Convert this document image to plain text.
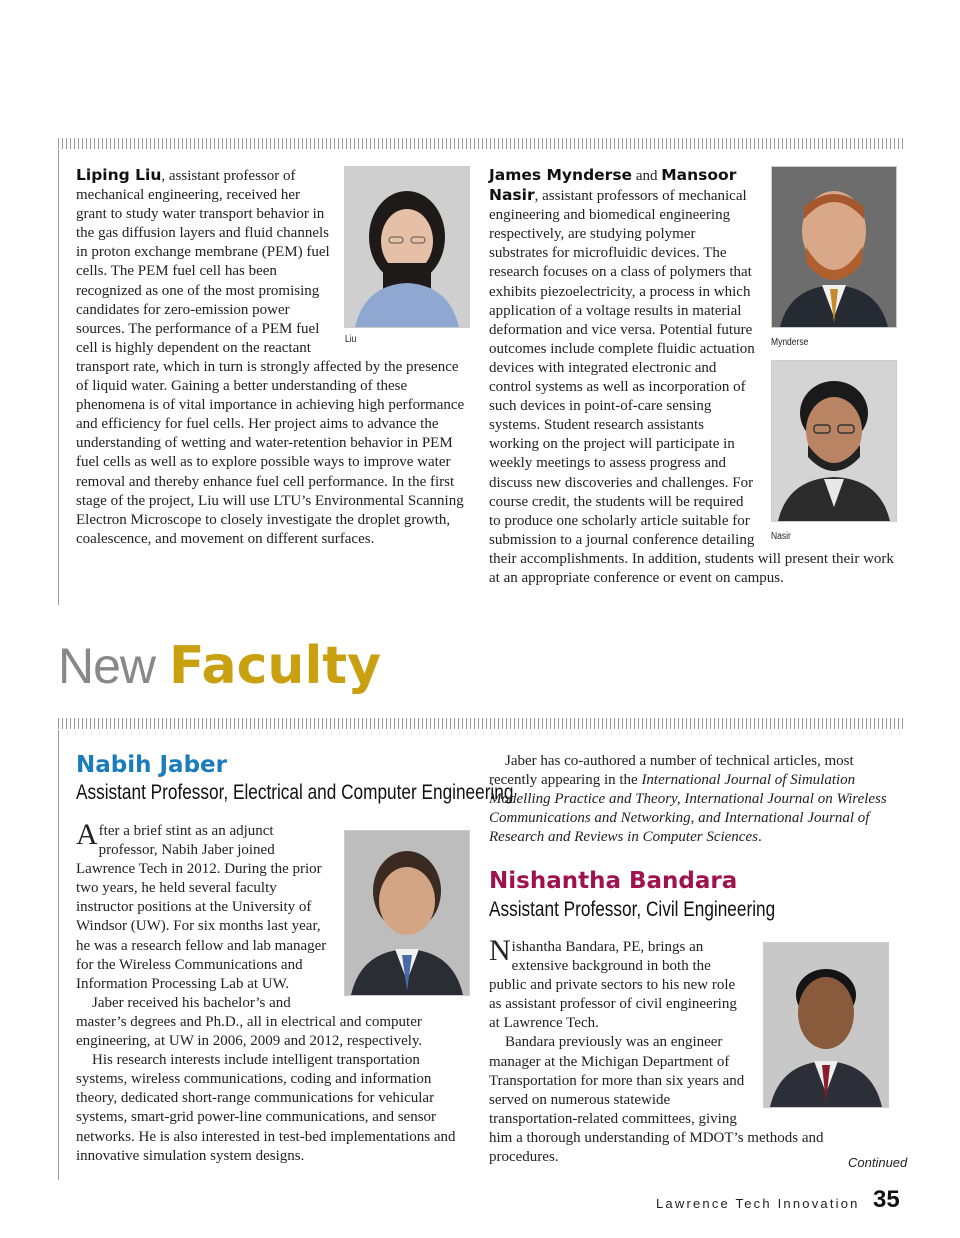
Liping Liu, assistant professor of mechanical engineering, received her grant to study water transport behavior in the gas diffusion layers and fluid channels in proton exchange membrane (PEM) fuel cells. The PEM fuel cell has been recognized as one of the most promising candidates for zero-emission power sources. The performance of a PEM fuel cell is highly dependent on the reactant transport rate, which in turn is strongly affected by the presence of liquid water. Gaining a better understanding of these phenomena is of vital importance in achieving high performance and efficiency for fuel cells. Her project aims to advance the understanding of wetting and water-retention behavior in PEM fuel cells as well as to explore possible ways to improve water removal and thereby enhance fuel cell performance. In the first stage of the project, Liu will use LTU’s Environmental Scanning Electron Microscope to closely investigate the droplet growth, coalescence, and movement on different surfaces.

Liu	Mynderse
Nasir

James Mynderse and Mansoor Nasir, assistant professors of mechanical engineering and biomedical engineering respectively, are studying polymer substrates for microfluidic devices. The research focuses on a class of polymers that exhibits piezoelectricity, a process in which application of a voltage results in material deformation and vice versa. Potential future outcomes include complete fluidic actuation devices with integrated electronic and control systems as well as incorporation of such devices in point-of-care sensing systems. Student research assistants working on the project will participate in weekly meetings to assess progress and discuss new discoveries and challenges. For course credit, the students will be required to produce one scholarly article suitable for submission to a journal conference detailing their accomplishments. In addition, students will present their work at an appropriate conference or event on campus.

New Faculty
Nabih Jaber
Assistant Professor, Electrical and Computer Engineering

After a brief stint as an adjunct professor, Nabih Jaber joined Lawrence Tech in 2012. During the prior two years, he held several faculty instructor positions at the University of Windsor (UW). For six months last year, he was a research fellow and lab manager for the Wireless Communications and Information Processing Lab at UW.

Jaber received his bachelor’s and master’s degrees and Ph.D., all in electrical and computer engineering, at UW in 2006, 2009 and 2012, respectively.

His research interests include intelligent transportation systems, wireless communications, coding and information theory, dedicated short-range communications for vehicular systems, smart-grid power-line communications, and sensor networks. He is also interested in test-bed implementations and innovative simulation system designs.

Jaber has co-authored a number of technical articles, most recently appearing in the International Journal of Simulation Modelling Practice and Theory, International Journal on Wireless Communications and Networking, and International Journal of Research and Reviews in Computer Sciences.

Nishantha Bandara
Assistant Professor, Civil Engineering

Nishantha Bandara, PE, brings an extensive background in both the public and private sectors to his new role as assistant professor of civil engineering at Lawrence Tech.

Bandara previously was an engineer manager at the Michigan Department of Transportation for more than six years and served on numerous statewide transportation-related committees, giving him a thorough understanding of MDOT’s methods and procedures.	Continued
Lawrence Tech Innovation 35
